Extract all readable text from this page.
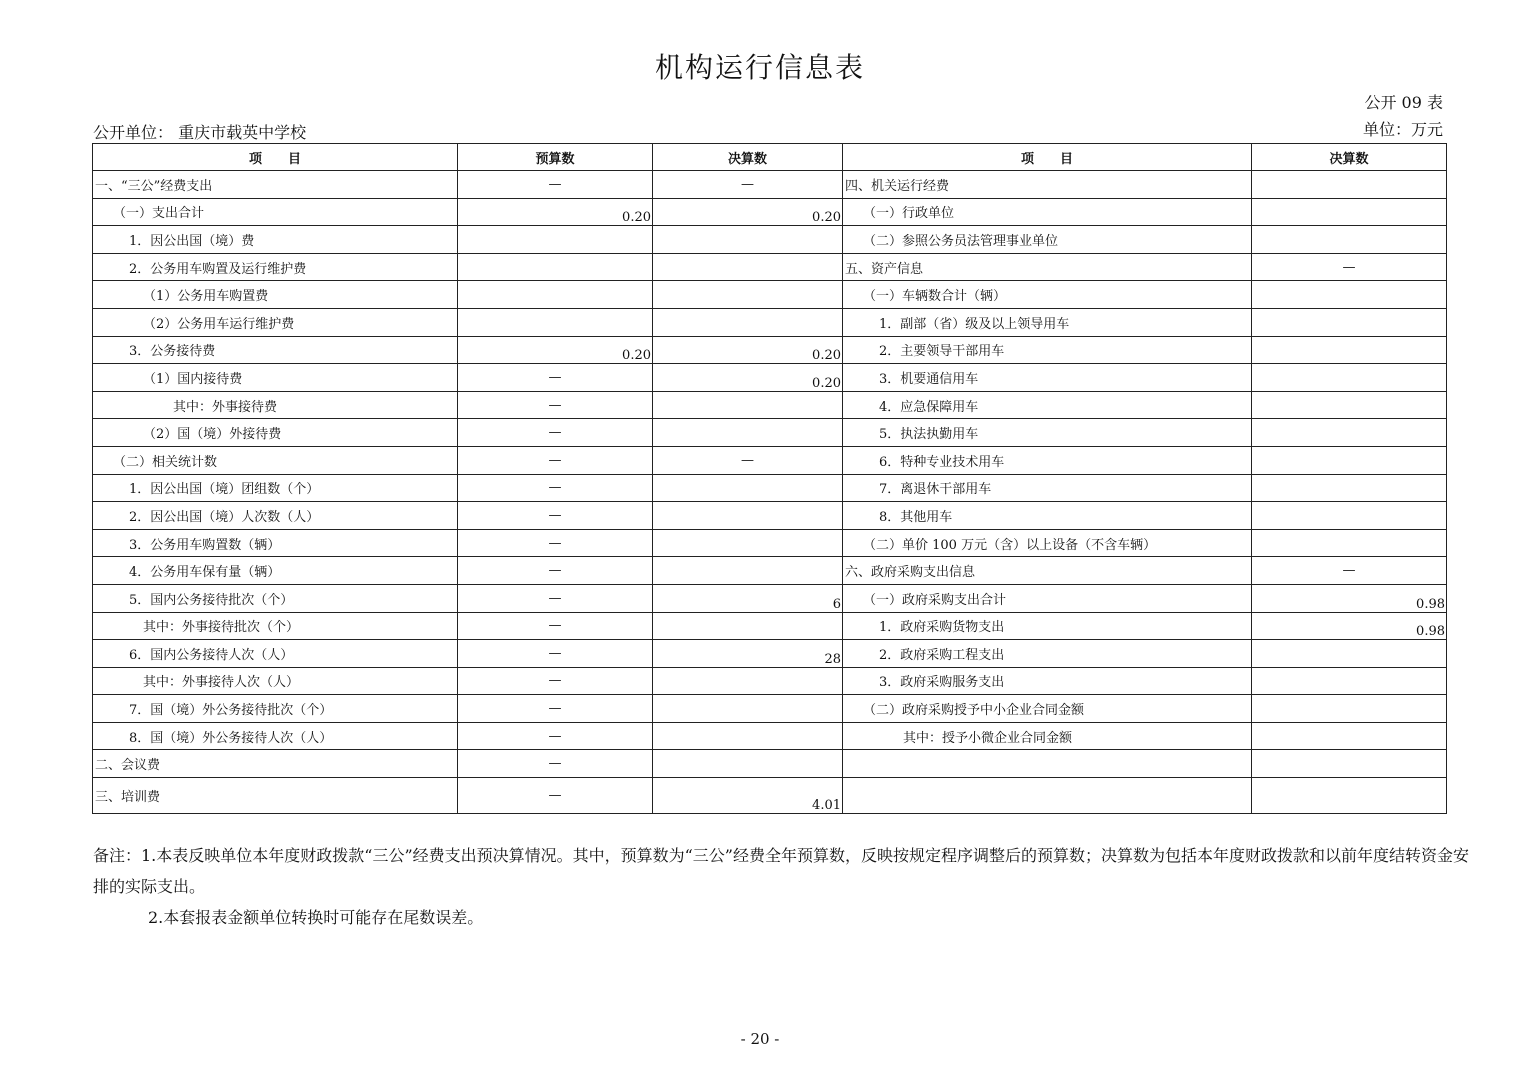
机构运行信息表
公开 09 表
公开单位： 重庆市载英中学校	单位：万元
项　　目	预算数	决算数	项　　目	决算数
一、“三公”经费支出	—	—	四、机关运行经费	
（一）支出合计	0.20	0.20	（一）行政单位	
1．因公出国（境）费			（二）参照公务员法管理事业单位	
2．公务用车购置及运行维护费			五、资产信息	—
（1）公务用车购置费			（一）车辆数合计（辆）	
（2）公务用车运行维护费			1．副部（省）级及以上领导用车	
3．公务接待费	0.20	0.20	2．主要领导干部用车	
（1）国内接待费	—	0.20	3．机要通信用车	
其中：外事接待费	—		4．应急保障用车	
（2）国（境）外接待费	—		5．执法执勤用车	
（二）相关统计数	—	—	6．特种专业技术用车	
1．因公出国（境）团组数（个）	—		7．离退休干部用车	
2．因公出国（境）人次数（人）	—		8．其他用车	
3．公务用车购置数（辆）	—		（二）单价 100 万元（含）以上设备（不含车辆）	
4．公务用车保有量（辆）	—		六、政府采购支出信息	—
5．国内公务接待批次（个）	—	6	（一）政府采购支出合计	0.98
其中：外事接待批次（个）	—		1．政府采购货物支出	0.98
6．国内公务接待人次（人）	—	28	2．政府采购工程支出	
其中：外事接待人次（人）	—		3．政府采购服务支出	
7．国（境）外公务接待批次（个）	—		（二）政府采购授予中小企业合同金额	
8．国（境）外公务接待人次（人）	—		其中：授予小微企业合同金额	
二、会议费	—			
三、培训费	—	4.01		

备注：1.本表反映单位本年度财政拨款“三公”经费支出预决算情况。其中，预算数为“三公”经费全年预算数，反映按规定程序调整后的预算数；决算数为包括本年度财政拨款和以前年度结转资金安排的实际支出。

2.本套报表金额单位转换时可能存在尾数误差。

- 20 -
